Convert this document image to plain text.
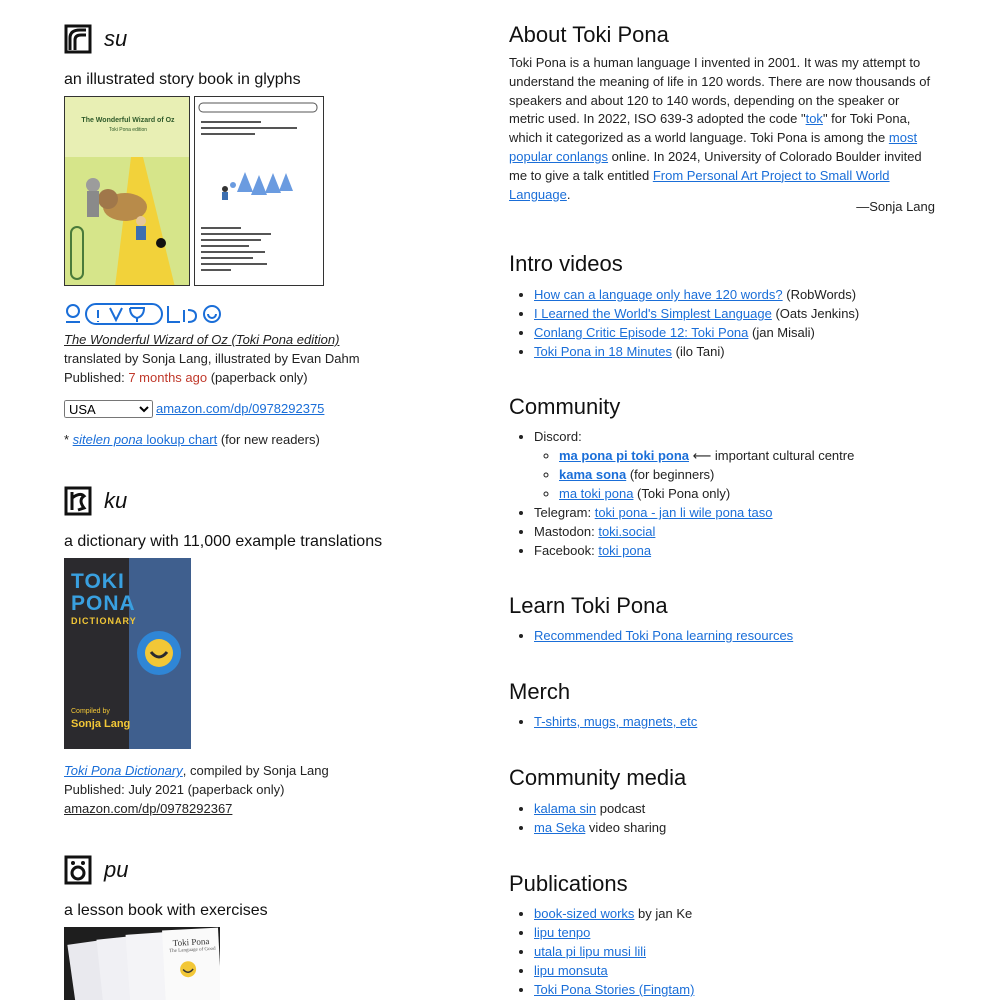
su
an illustrated story book in glyphs
The Wonderful Wizard of Oz
Toki Pona edition
The Wonderful Wizard of Oz (Toki Pona edition)
translated by Sonja Lang, illustrated by Evan Dahm
Published: 7 months ago (paperback only)
USA
amazon.com/dp/0978292375
* sitelen pona lookup chart (for new readers)
ku
a dictionary with 11,000 example translations
TOKI
PONA
DICTIONARY
Compiled by
Sonja Lang
Toki Pona Dictionary, compiled by Sonja Lang
Published: July 2021 (paperback only)
amazon.com/dp/0978292367
pu
a lesson book with exercises
Toki Pona
The Language of Good
About Toki Pona

Toki Pona is a human language I invented in 2001. It was my attempt to understand the meaning of life in 120 words. There are now thousands of speakers and about 120 to 140 words, depending on the speaker or metric used. In 2022, ISO 639-3 adopted the code "tok" for Toki Pona, which it categorized as a world language. Toki Pona is among the most popular conlangs online. In 2024, University of Colorado Boulder invited me to give a talk entitled From Personal Art Project to Small World Language.

—Sonja Lang
Intro videos
• How can a language only have 120 words? (RobWords)
• I Learned the World's Simplest Language (Oats Jenkins)
• Conlang Critic Episode 12: Toki Pona (jan Misali)
• Toki Pona in 18 Minutes (ilo Tani)
Community
• Discord:
◦ ma pona pi toki pona ⟵ important cultural centre
◦ kama sona (for beginners)
◦ ma toki pona (Toki Pona only)
• Telegram: toki pona - jan li wile pona taso
• Mastodon: toki.social
• Facebook: toki pona
Learn Toki Pona
• Recommended Toki Pona learning resources
Merch
• T-shirts, mugs, magnets, etc
Community media
• kalama sin podcast
• ma Seka video sharing
Publications
• book-sized works by jan Ke
• lipu tenpo
• utala pi lipu musi lili
• lipu monsuta
• Toki Pona Stories (Fingtam)
